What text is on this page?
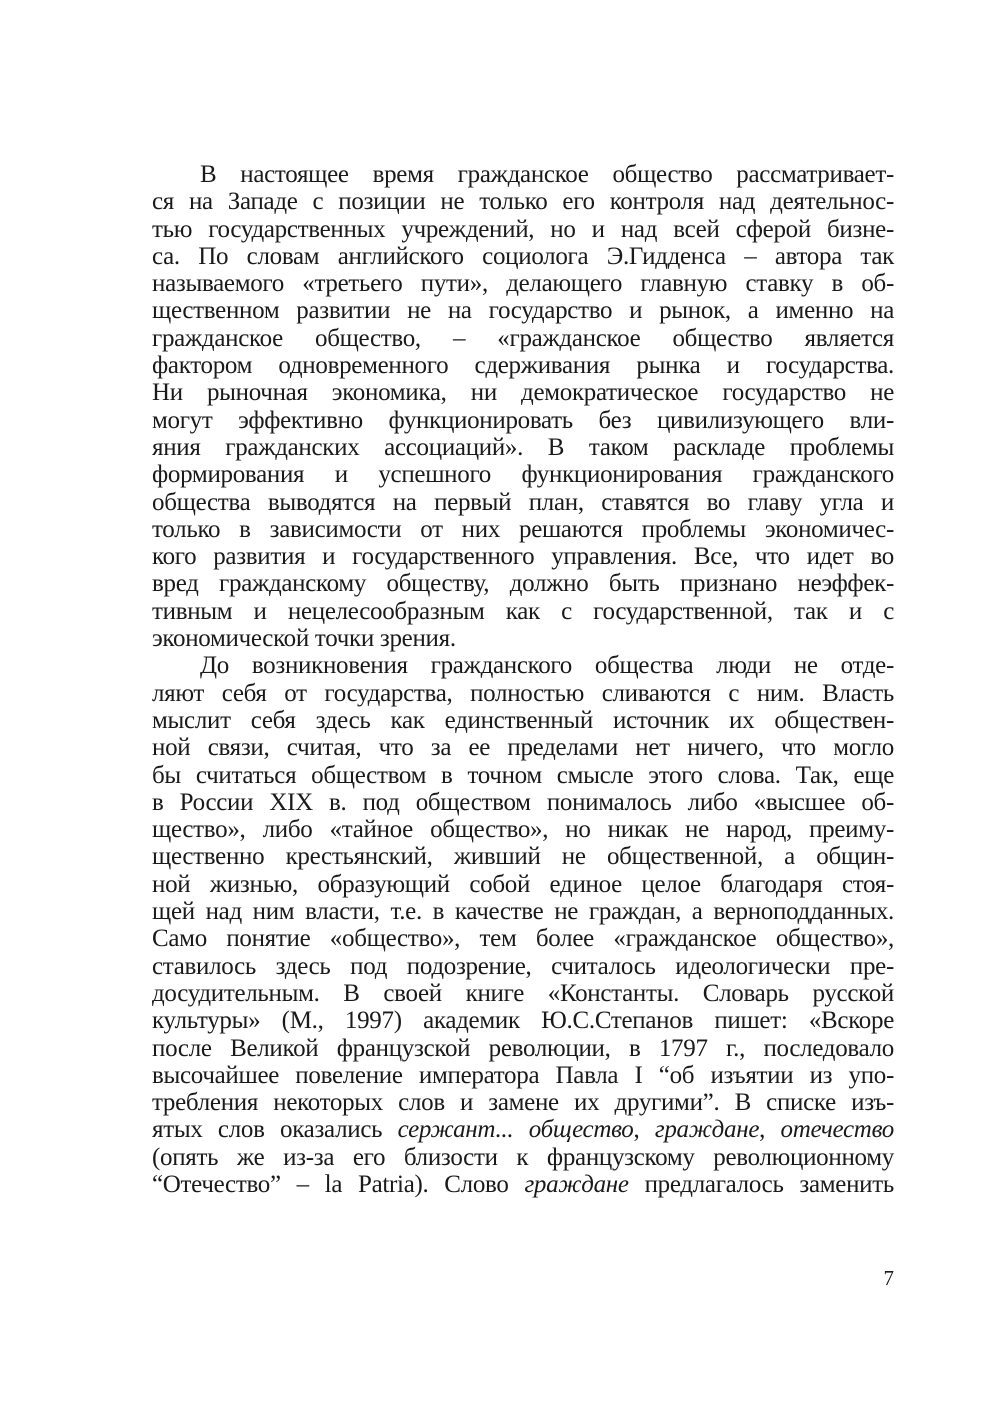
В настоящее время гражданское общество рассматривает-
ся на Западе с позиции не только его контроля над деятельнос-
тью государственных учреждений, но и над всей сферой бизне-
са. По словам английского социолога Э.Гидденса – автора так
называемого «третьего пути», делающего главную ставку в об-
щественном развитии не на государство и рынок, а именно на
гражданское общество, – «гражданское общество является
фактором одновременного сдерживания рынка и государства.
Ни рыночная экономика, ни демократическое государство не
могут эффективно функционировать без цивилизующего вли-
яния гражданских ассоциаций». В таком раскладе проблемы
формирования и успешного функционирования гражданского
общества выводятся на первый план, ставятся во главу угла и
только в зависимости от них решаются проблемы экономичес-
кого развития и государственного управления. Все, что идет во
вред гражданскому обществу, должно быть признано неэффек-
тивным и нецелесообразным как с государственной, так и с
экономической точки зрения.
До возникновения гражданского общества люди не отде-
ляют себя от государства, полностью сливаются с ним. Власть
мыслит себя здесь как единственный источник их обществен-
ной связи, считая, что за ее пределами нет ничего, что могло
бы считаться обществом в точном смысле этого слова. Так, еще
в России XIX в. под обществом понималось либо «высшее об-
щество», либо «тайное общество», но никак не народ, преиму-
щественно крестьянский, живший не общественной, а общин-
ной жизнью, образующий собой единое целое благодаря стоя-
щей над ним власти, т.е. в качестве не граждан, а верноподданных.
Само понятие «общество», тем более «гражданское общество»,
ставилось здесь под подозрение, считалось идеологически пре-
досудительным. В своей книге «Константы. Словарь русской
культуры» (М., 1997) академик Ю.С.Степанов пишет: «Вскоре
после Великой французской революции, в 1797 г., последовало
высочайшее повеление императора Павла I “об изъятии из упо-
требления некоторых слов и замене их другими”. В списке изъ-
ятых слов оказались сержант... общество, граждане, отечество
(опять же из-за его близости к французскому революционному
“Отечество” – la Patria). Слово граждане предлагалось заменить
7
